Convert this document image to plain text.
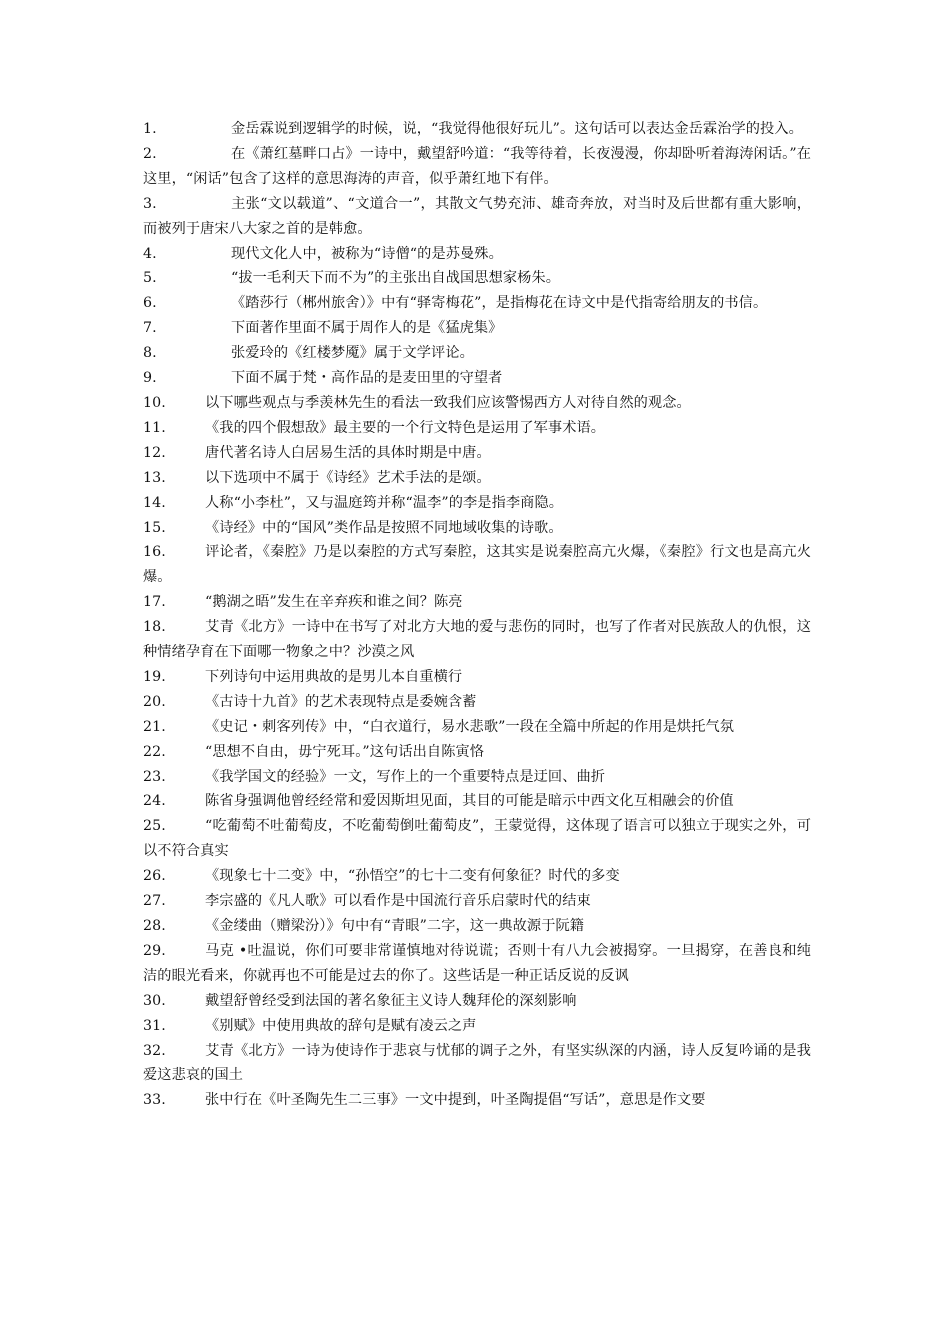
1.	金岳霖说到逻辑学的时候，说，“我觉得他很好玩儿”。这句话可以表达金岳霖治学的投入。
2.	在《萧红墓畔口占》一诗中，戴望舒吟道：“我等待着，长夜漫漫，你却卧听着海涛闲话。”在这里，“闲话”包含了这样的意思海涛的声音，似乎萧红地下有伴。
3.	主张“文以载道”、“文道合一”，其散文气势充沛、雄奇奔放，对当时及后世都有重大影响，而被列于唐宋八大家之首的是韩愈。
4.	现代文化人中，被称为“诗僧“的是苏曼殊。
5.	“拔一毛利天下而不为”的主张出自战国思想家杨朱。
6.	《踏莎行（郴州旅舍）》中有“驿寄梅花”，是指梅花在诗文中是代指寄给朋友的书信。
7.	下面著作里面不属于周作人的是《猛虎集》
8.	张爱玲的《红楼梦魇》属于文学评论。
9.	下面不属于梵・高作品的是麦田里的守望者
10.	以下哪些观点与季羡林先生的看法一致我们应该警惕西方人对待自然的观念。
11.	《我的四个假想敌》最主要的一个行文特色是运用了军事术语。
12.	唐代著名诗人白居易生活的具体时期是中唐。
13.	以下选项中不属于《诗经》艺术手法的是颂。
14.	人称“小李杜”，又与温庭筠并称“温李”的李是指李商隐。
15.	《诗经》中的“国风”类作品是按照不同地域收集的诗歌。
16.	评论者，《秦腔》乃是以秦腔的方式写秦腔，这其实是说秦腔高亢火爆，《秦腔》行文也是高亢火爆。
17.	“鹅湖之晤”发生在辛弃疾和谁之间？陈亮
18.	艾青《北方》一诗中在书写了对北方大地的爱与悲伤的同时，也写了作者对民族敌人的仇恨，这种情绪孕育在下面哪一物象之中？沙漠之风
19.	下列诗句中运用典故的是男儿本自重横行
20.	《古诗十九首》的艺术表现特点是委婉含蓄
21.	《史记・刺客列传》中，“白衣道行，易水悲歌”一段在全篇中所起的作用是烘托气氛
22.	“思想不自由，毋宁死耳。”这句话出自陈寅恪
23.	《我学国文的经验》一文，写作上的一个重要特点是迂回、曲折
24.	陈省身强调他曾经经常和爱因斯坦见面，其目的可能是暗示中西文化互相融会的价值
25.	“吃葡萄不吐葡萄皮，不吃葡萄倒吐葡萄皮”，王蒙觉得，这体现了语言可以独立于现实之外，可以不符合真实
26.	《现象七十二变》中，“孙悟空”的七十二变有何象征？时代的多变
27.	李宗盛的《凡人歌》可以看作是中国流行音乐启蒙时代的结束
28.	《金缕曲（赠梁汾）》句中有“青眼”二字，这一典故源于阮籍
29.	马克 •吐温说，你们可要非常谨慎地对待说谎；否则十有八九会被揭穿。一旦揭穿，在善良和纯洁的眼光看来，你就再也不可能是过去的你了。这些话是一种正话反说的反讽
30.	戴望舒曾经受到法国的著名象征主义诗人魏拜伦的深刻影响
31.	《别赋》中使用典故的辞句是赋有凌云之声
32.	艾青《北方》一诗为使诗作于悲哀与忧郁的调子之外，有坚实纵深的内涵，诗人反复吟诵的是我爱这悲哀的国土
33.	张中行在《叶圣陶先生二三事》一文中提到，叶圣陶提倡“写话”，意思是作文要
